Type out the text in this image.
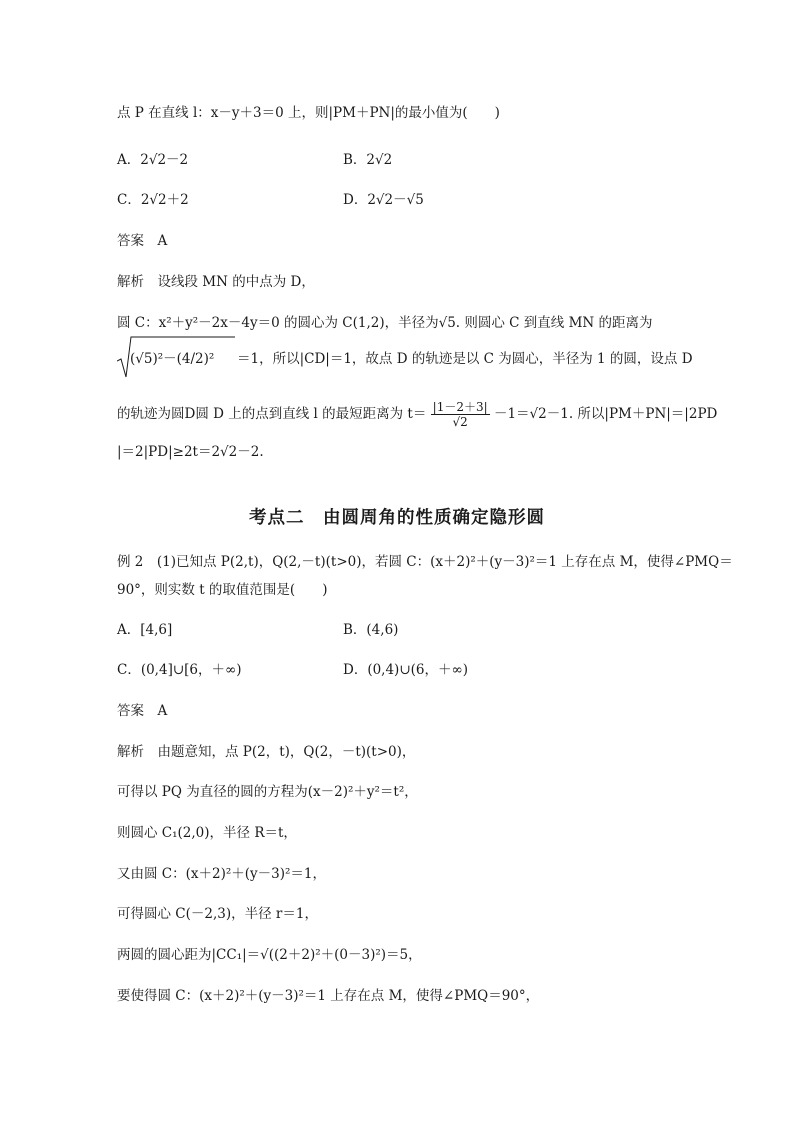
点 P 在直线 l：x－y＋3＝0 上，则|PM＋PN|的最小值为(　　)
A．2√2－2	B．2√2
C．2√2＋2	D．2√2－√5
答案　A
解析　设线段 MN 的中点为 D，
圆 C：x²＋y²－2x－4y＝0 的圆心为 C(1,2)，半径为√5. 则圆心 C 到直线 MN 的距离为
(√5)²－(4/2)² ＝1，所以|CD|＝1，故点 D 的轨迹是以 C 为圆心，半径为 1 的圆，设点 D
的轨迹为圆D圆 D 上的点到直线 l 的最短距离为 $t= \frac{|1-2+3|}{√2} -1=√2-1$. 所以|PM＋PN|＝|2PD
|＝2|PD|≥2t＝2√2－2.
考点二　由圆周角的性质确定隐形圆
例 2　(1)已知点 P(2,t)，Q(2,－t)(t>0)，若圆 C：(x＋2)²＋(y－3)²＝1 上存在点 M，使得∠PMQ＝
90°，则实数 t 的取值范围是(　　)
A．[4,6]	B．(4,6)
C．(0,4]∪[6，＋∞)	D．(0,4)∪(6，＋∞)
答案　A
解析　由题意知，点 P(2，t)，Q(2，－t)(t>0)，
可得以 PQ 为直径的圆的方程为(x－2)²＋y²＝t²，
则圆心 C₁(2,0)，半径 R＝t，
又由圆 C：(x＋2)²＋(y－3)²＝1，
可得圆心 C(－2,3)，半径 r＝1，
两圆的圆心距为|CC₁|＝√((2＋2)²＋(0－3)²)＝5，
要使得圆 C：(x＋2)²＋(y－3)²＝1 上存在点 M，使得∠PMQ＝90°，
